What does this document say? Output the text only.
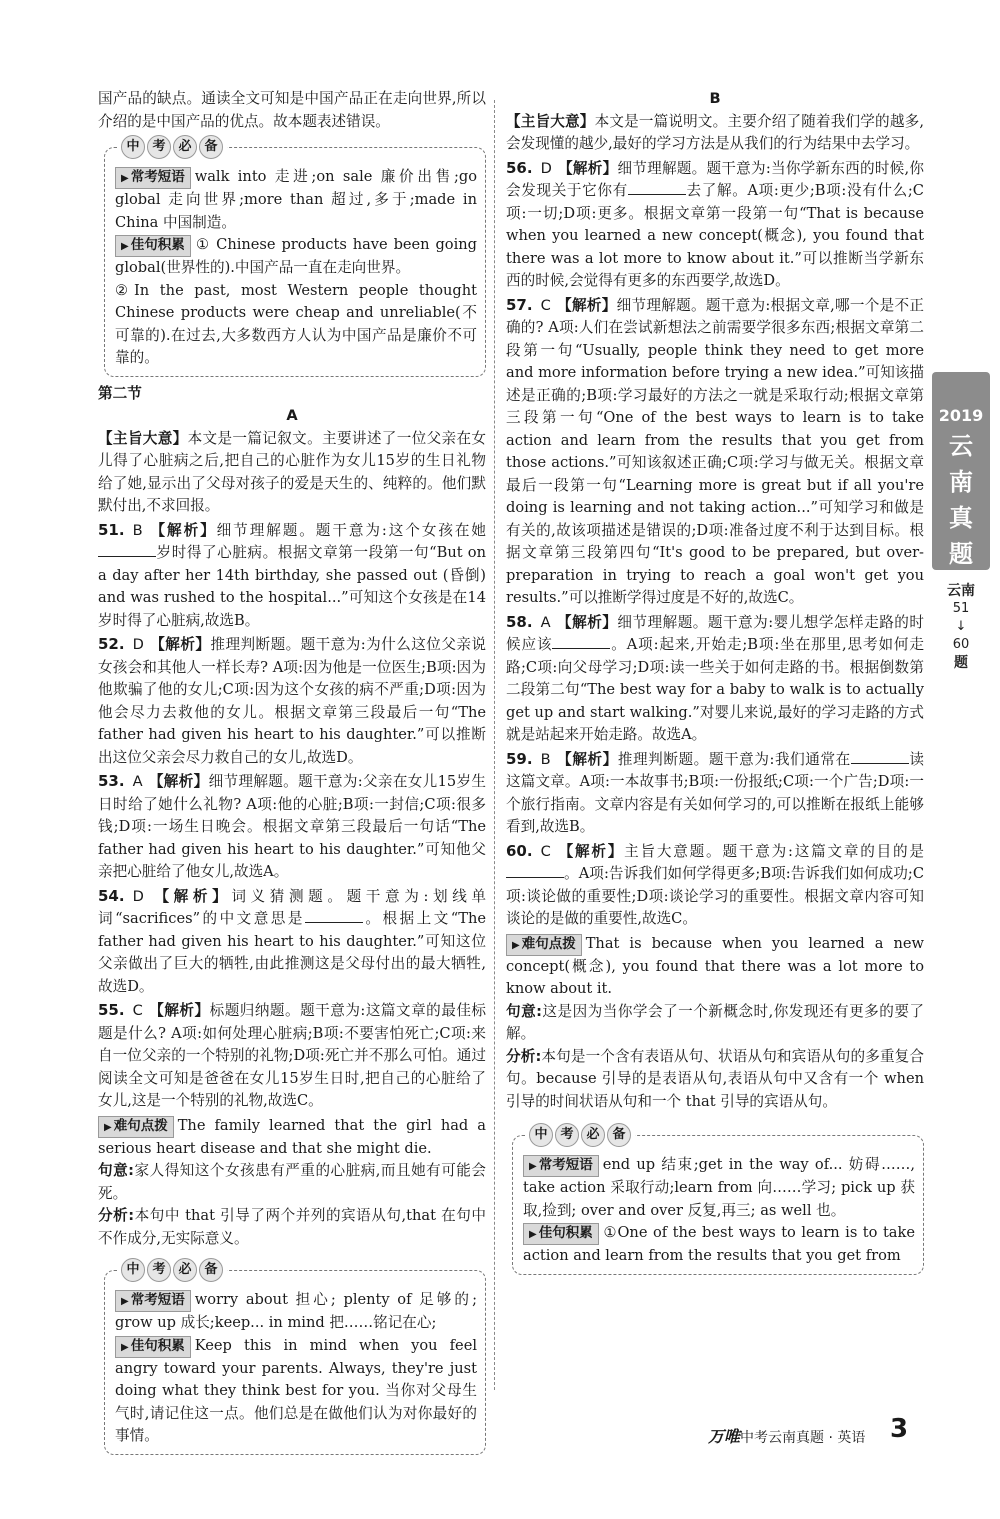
国产品的缺点。通读全文可知是中国产品正在走向世界,所以介绍的是中国产品的优点。故本题表述错误。

中 考 必 备

▶ 常考短语 walk into 走进;on sale 廉价出售;go global 走向世界;more than 超过,多于;made in China 中国制造。

▶ 佳句积累 ① Chinese products have been going global(世界性的).中国产品一直在走向世界。

②In the past, most Western people thought Chinese products were cheap and unreliable(不可靠的).在过去,大多数西方人认为中国产品是廉价不可靠的。

第二节

A

【主旨大意】本文是一篇记叙文。主要讲述了一位父亲在女儿得了心脏病之后,把自己的心脏作为女儿15岁的生日礼物给了她,显示出了父母对孩子的爱是天生的、纯粹的。他们默默付出,不求回报。

51. B 【解析】细节理解题。题干意为:这个女孩在她岁时得了心脏病。根据文章第一段第一句“But on a day after her 14th birthday, she passed out (昏倒) and was rushed to the hospital...”可知这个女孩是在14岁时得了心脏病,故选B。

52. D 【解析】推理判断题。题干意为:为什么这位父亲说女孩会和其他人一样长寿? A项:因为他是一位医生;B项:因为他欺骗了他的女儿;C项:因为这个女孩的病不严重;D项:因为他会尽力去救他的女儿。根据文章第三段最后一句“The father had given his heart to his daughter.”可以推断出这位父亲会尽力救自己的女儿,故选D。

53. A 【解析】细节理解题。题干意为:父亲在女儿15岁生日时给了她什么礼物? A项:他的心脏;B项:一封信;C项:很多钱;D项:一场生日晚会。根据文章第三段最后一句话“The father had given his heart to his daughter.”可知他父亲把心脏给了他女儿,故选A。

54. D 【解析】词义猜测题。题干意为:划线单词“sacrifices”的中文意思是	。根据上文“The father had given his heart to his daughter.”可知这位父亲做出了巨大的牺牲,由此推测这是父母付出的最大牺牲,故选D。

55. C 【解析】标题归纳题。题干意为:这篇文章的最佳标题是什么? A项:如何处理心脏病;B项:不要害怕死亡;C项:来自一位父亲的一个特别的礼物;D项:死亡并不那么可怕。通过阅读全文可知是爸爸在女儿15岁生日时,把自己的心脏给了女儿,这是一个特别的礼物,故选C。

▶ 难句点拨 The family learned that the girl had a serious heart disease and that she might die.

句意:家人得知这个女孩患有严重的心脏病,而且她有可能会死。

分析:本句中 that 引导了两个并列的宾语从句,that 在句中不作成分,无实际意义。

中 考 必 备

▶ 常考短语 worry about 担心; plenty of 足够的; grow up 成长;keep... in mind 把……铭记在心;

▶ 佳句积累 Keep this in mind when you feel angry toward your parents. Always, they're just doing what they think best for you. 当你对父母生气时,请记住这一点。他们总是在做他们认为对你最好的事情。

B

【主旨大意】本文是一篇说明文。主要介绍了随着我们学的越多,会发现懂的越少,最好的学习方法是从我们的行为结果中去学习。

56. D 【解析】细节理解题。题干意为:当你学新东西的时候,你会发现关于它你有	去了解。A项:更少;B项:没有什么;C项:一切;D项:更多。根据文章第一段第一句“That is because when you learned a new concept(概念), you found that there was a lot more to know about it.”可以推断当学新东西的时候,会觉得有更多的东西要学,故选D。

57. C 【解析】细节理解题。题干意为:根据文章,哪一个是不正确的? A项:人们在尝试新想法之前需要学很多东西;根据文章第二段第一句“Usually, people think they need to get more and more information before trying a new idea.”可知该描述是正确的;B项:学习最好的方法之一就是采取行动;根据文章第三段第一句“One of the best ways to learn is to take action and learn from the results that you get from those actions.”可知该叙述正确;C项:学习与做无关。根据文章最后一段第一句“Learning more is great but if all you're doing is learning and not taking action...”可知学习和做是有关的,故该项描述是错误的;D项:准备过度不利于达到目标。根据文章第三段第四句“It's good to be prepared, but over-preparation in trying to reach a goal won't get you results.”可以推断学得过度是不好的,故选C。

58. A 【解析】细节理解题。题干意为:婴儿想学怎样走路的时候应该	。A项:起来,开始走;B项:坐在那里,思考如何走路;C项:向父母学习;D项:读一些关于如何走路的书。根据倒数第二段第二句“The best way for a baby to walk is to actually get up and start walking.”对婴儿来说,最好的学习走路的方式就是站起来开始走路。故选A。

59. B 【解析】推理判断题。题干意为:我们通常在	读这篇文章。A项:一本故事书;B项:一份报纸;C项:一个广告;D项:一个旅行指南。文章内容是有关如何学习的,可以推断在报纸上能够看到,故选B。

60. C 【解析】主旨大意题。题干意为:这篇文章的目的是。A项:告诉我们如何学得更多;B项:告诉我们如何成功;C项:谈论做的重要性;D项:谈论学习的重要性。根据文章内容可知谈论的是做的重要性,故选C。

▶ 难句点拨 That is because when you learned a new concept(概念), you found that there was a lot more to know about it.

句意:这是因为当你学会了一个新概念时,你发现还有更多的要了解。

分析:本句是一个含有表语从句、状语从句和宾语从句的多重复合句。because 引导的是表语从句,表语从句中又含有一个 when 引导的时间状语从句和一个 that 引导的宾语从句。

中 考 必 备

▶ 常考短语 end up 结束;get in the way of... 妨碍……, take action 采取行动;learn from 向……学习; pick up 获取,捡到; over and over 反复,再三; as well 也。

▶ 佳句积累 ①One of the best ways to learn is to take action and learn from the results that you get from

2019
云
南
真
题
云南
51
↓
60
题
万唯中考云南真题 · 英语 3
